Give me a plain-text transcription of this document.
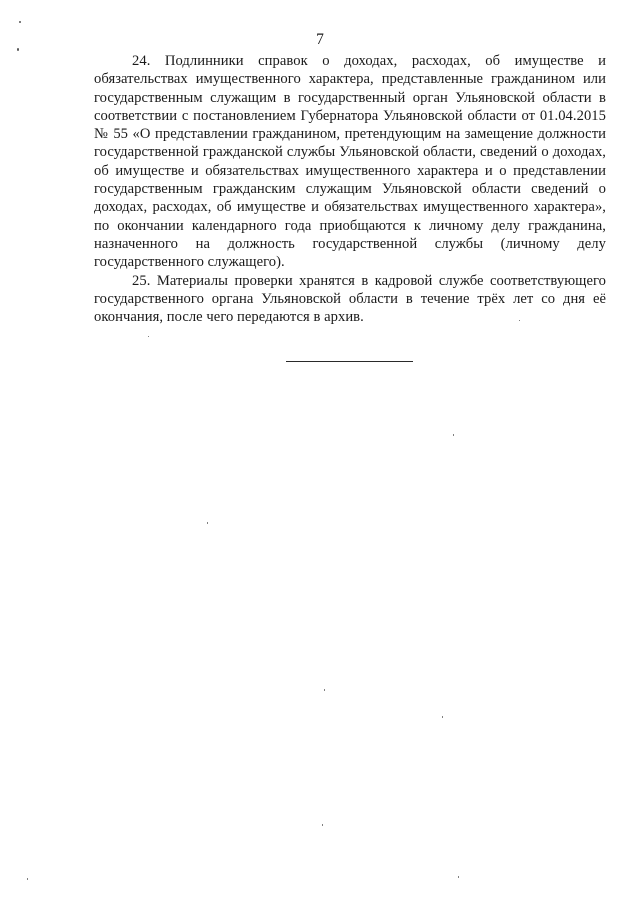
7

24. Подлинники справок о доходах, расходах, об имуществе и обязательствах имущественного характера, представленные гражданином или государственным служащим в государственный орган Ульяновской области в соответствии с постановлением Губернатора Ульяновской области от 01.04.2015 № 55 «О представлении гражданином, претендующим на замещение должности государственной гражданской службы Ульяновской области, сведений о доходах, об имуществе и обязательствах имущественного характера и о представлении государственным гражданским служащим Ульяновской области сведений о доходах, расходах, об имуществе и обязательствах имущественного характера», по окончании календарного года приобщаются к личному делу гражданина, назначенного на должность государственной службы (личному делу государственного служащего).

25. Материалы проверки хранятся в кадровой службе соответствующего государственного органа Ульяновской области в течение трёх лет со дня её окончания, после чего передаются в архив.
